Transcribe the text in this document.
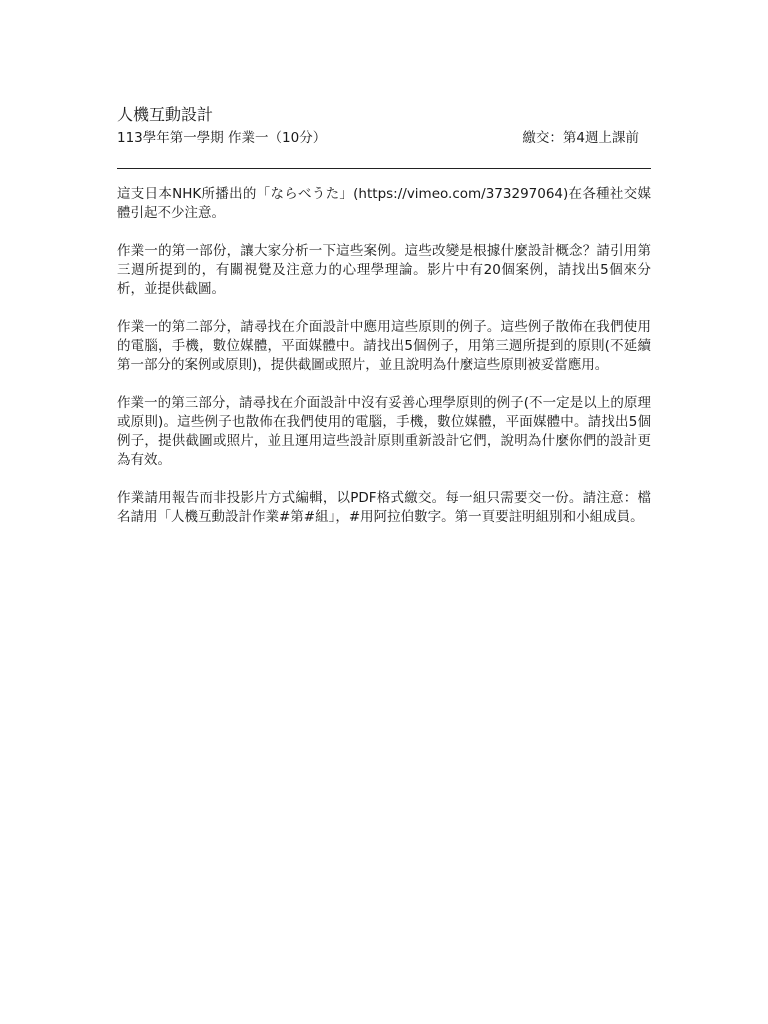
人機互動設計
113學年第一學期 作業一（10分）	繳交：第4週上課前

這支日本NHK所播出的「ならべうた」(https://vimeo.com/373297064)在各種社交媒體引起不少注意。

作業一的第一部份，讓大家分析一下這些案例。這些改變是根據什麼設計概念？請引用第三週所提到的，有關視覺及注意力的心理學理論。影片中有20個案例，請找出5個來分析，並提供截圖。

作業一的第二部分，請尋找在介面設計中應用這些原則的例子。這些例子散佈在我們使用的電腦，手機，數位媒體，平面媒體中。請找出5個例子，用第三週所提到的原則(不延續第一部分的案例或原則)，提供截圖或照片，並且說明為什麼這些原則被妥當應用。

作業一的第三部分，請尋找在介面設計中沒有妥善心理學原則的例子(不一定是以上的原理或原則)。這些例子也散佈在我們使用的電腦，手機，數位媒體，平面媒體中。請找出5個例子，提供截圖或照片，並且運用這些設計原則重新設計它們，說明為什麼你們的設計更為有效。

作業請用報告而非投影片方式編輯，以PDF格式繳交。每一組只需要交一份。請注意：檔名請用「人機互動設計作業#第#組」，#用阿拉伯數字。第一頁要註明組別和小組成員。
